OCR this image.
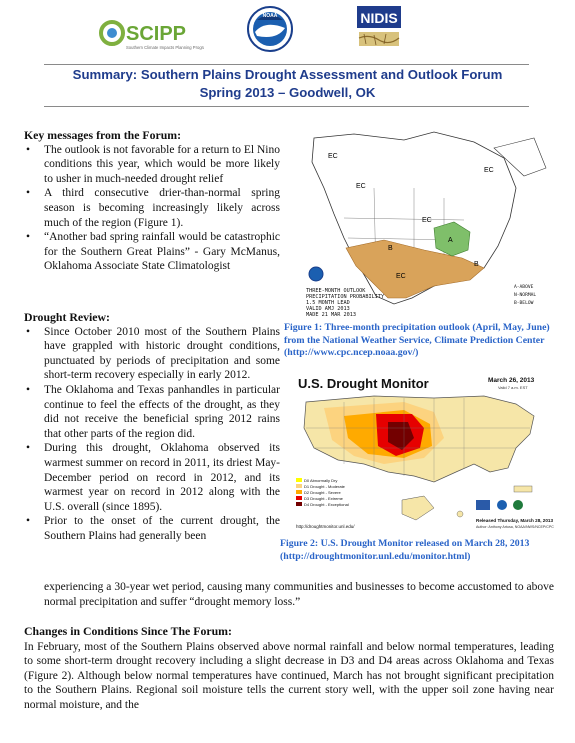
SCIPP
Southern Climate Impacts Planning Program
NOAA	NIDIS
Summary: Southern Plains Drought Assessment and Outlook Forum
Spring 2013 – Goodwell, OK
Key messages from the Forum:
• The outlook is not favorable for a return to El Nino conditions this year, which would be more likely to usher in much-needed drought relief
• A third consecutive drier-than-normal spring season is becoming increasingly likely across much of the region (Figure 1).
• “Another bad spring rainfall would be catastrophic for the Southern Great Plains” - Gary McManus, Oklahoma Associate State Climatologist
Drought Review:
• Since October 2010 most of the Southern Plains have grappled with historic drought conditions, punctuated by periods of precipitation and some short-term recovery especially in early 2012.
• The Oklahoma and Texas panhandles in particular continue to feel the effects of the drought, as they did not receive the beneficial spring 2012 rains that other parts of the region did.
• During this drought, Oklahoma observed its warmest summer on record in 2011, its driest May-December period on record in 2012, and its warmest year on record in 2012 along with the U.S. overall (since 1895).
• Prior to the onset of the current drought, the Southern Plains had generally been

experiencing a 30-year wet period, causing many communities and businesses to become accustomed to above normal precipitation and suffer “drought memory loss.”

Changes in Conditions Since The Forum:

In February, most of the Southern Plains observed above normal rainfall and below normal temperatures, leading to some short-term drought recovery including a slight decrease in D3 and D4 areas across Oklahoma and Texas (Figure 2). Although below normal temperatures have continued, March has not brought significant precipitation to the Southern Plains. Regional soil moisture tells the current story well, with the upper soil zone having near normal moisture, and the

EC
EC
EC
EC
B
B
A
EC
THREE-MONTH OUTLOOK
PRECIPITATION PROBABILITY
1.5 MONTH LEAD
VALID AMJ 2013
MADE 21 MAR 2013
A-ABOVE
N-NORMAL
B-BELOW
Figure 1: Three-month precipitation outlook (April, May, June) from the National Weather Service, Climate Prediction Center (http://www.cpc.ncep.noaa.gov/)
U.S. Drought Monitor	March 26, 2013
Valid 7 a.m. EST
D0 Abnormally Dry
D1 Drought - Moderate
D2 Drought - Severe
D3 Drought - Extreme
D4 Drought - Exceptional
http://droughtmonitor.unl.edu/
Released Thursday, March 28, 2013
Author: Anthony Artusa, NOAA/NWS/NCEP/CPC
Figure 2: U.S. Drought Monitor released on March 28, 2013
(http://droughtmonitor.unl.edu/monitor.html)
